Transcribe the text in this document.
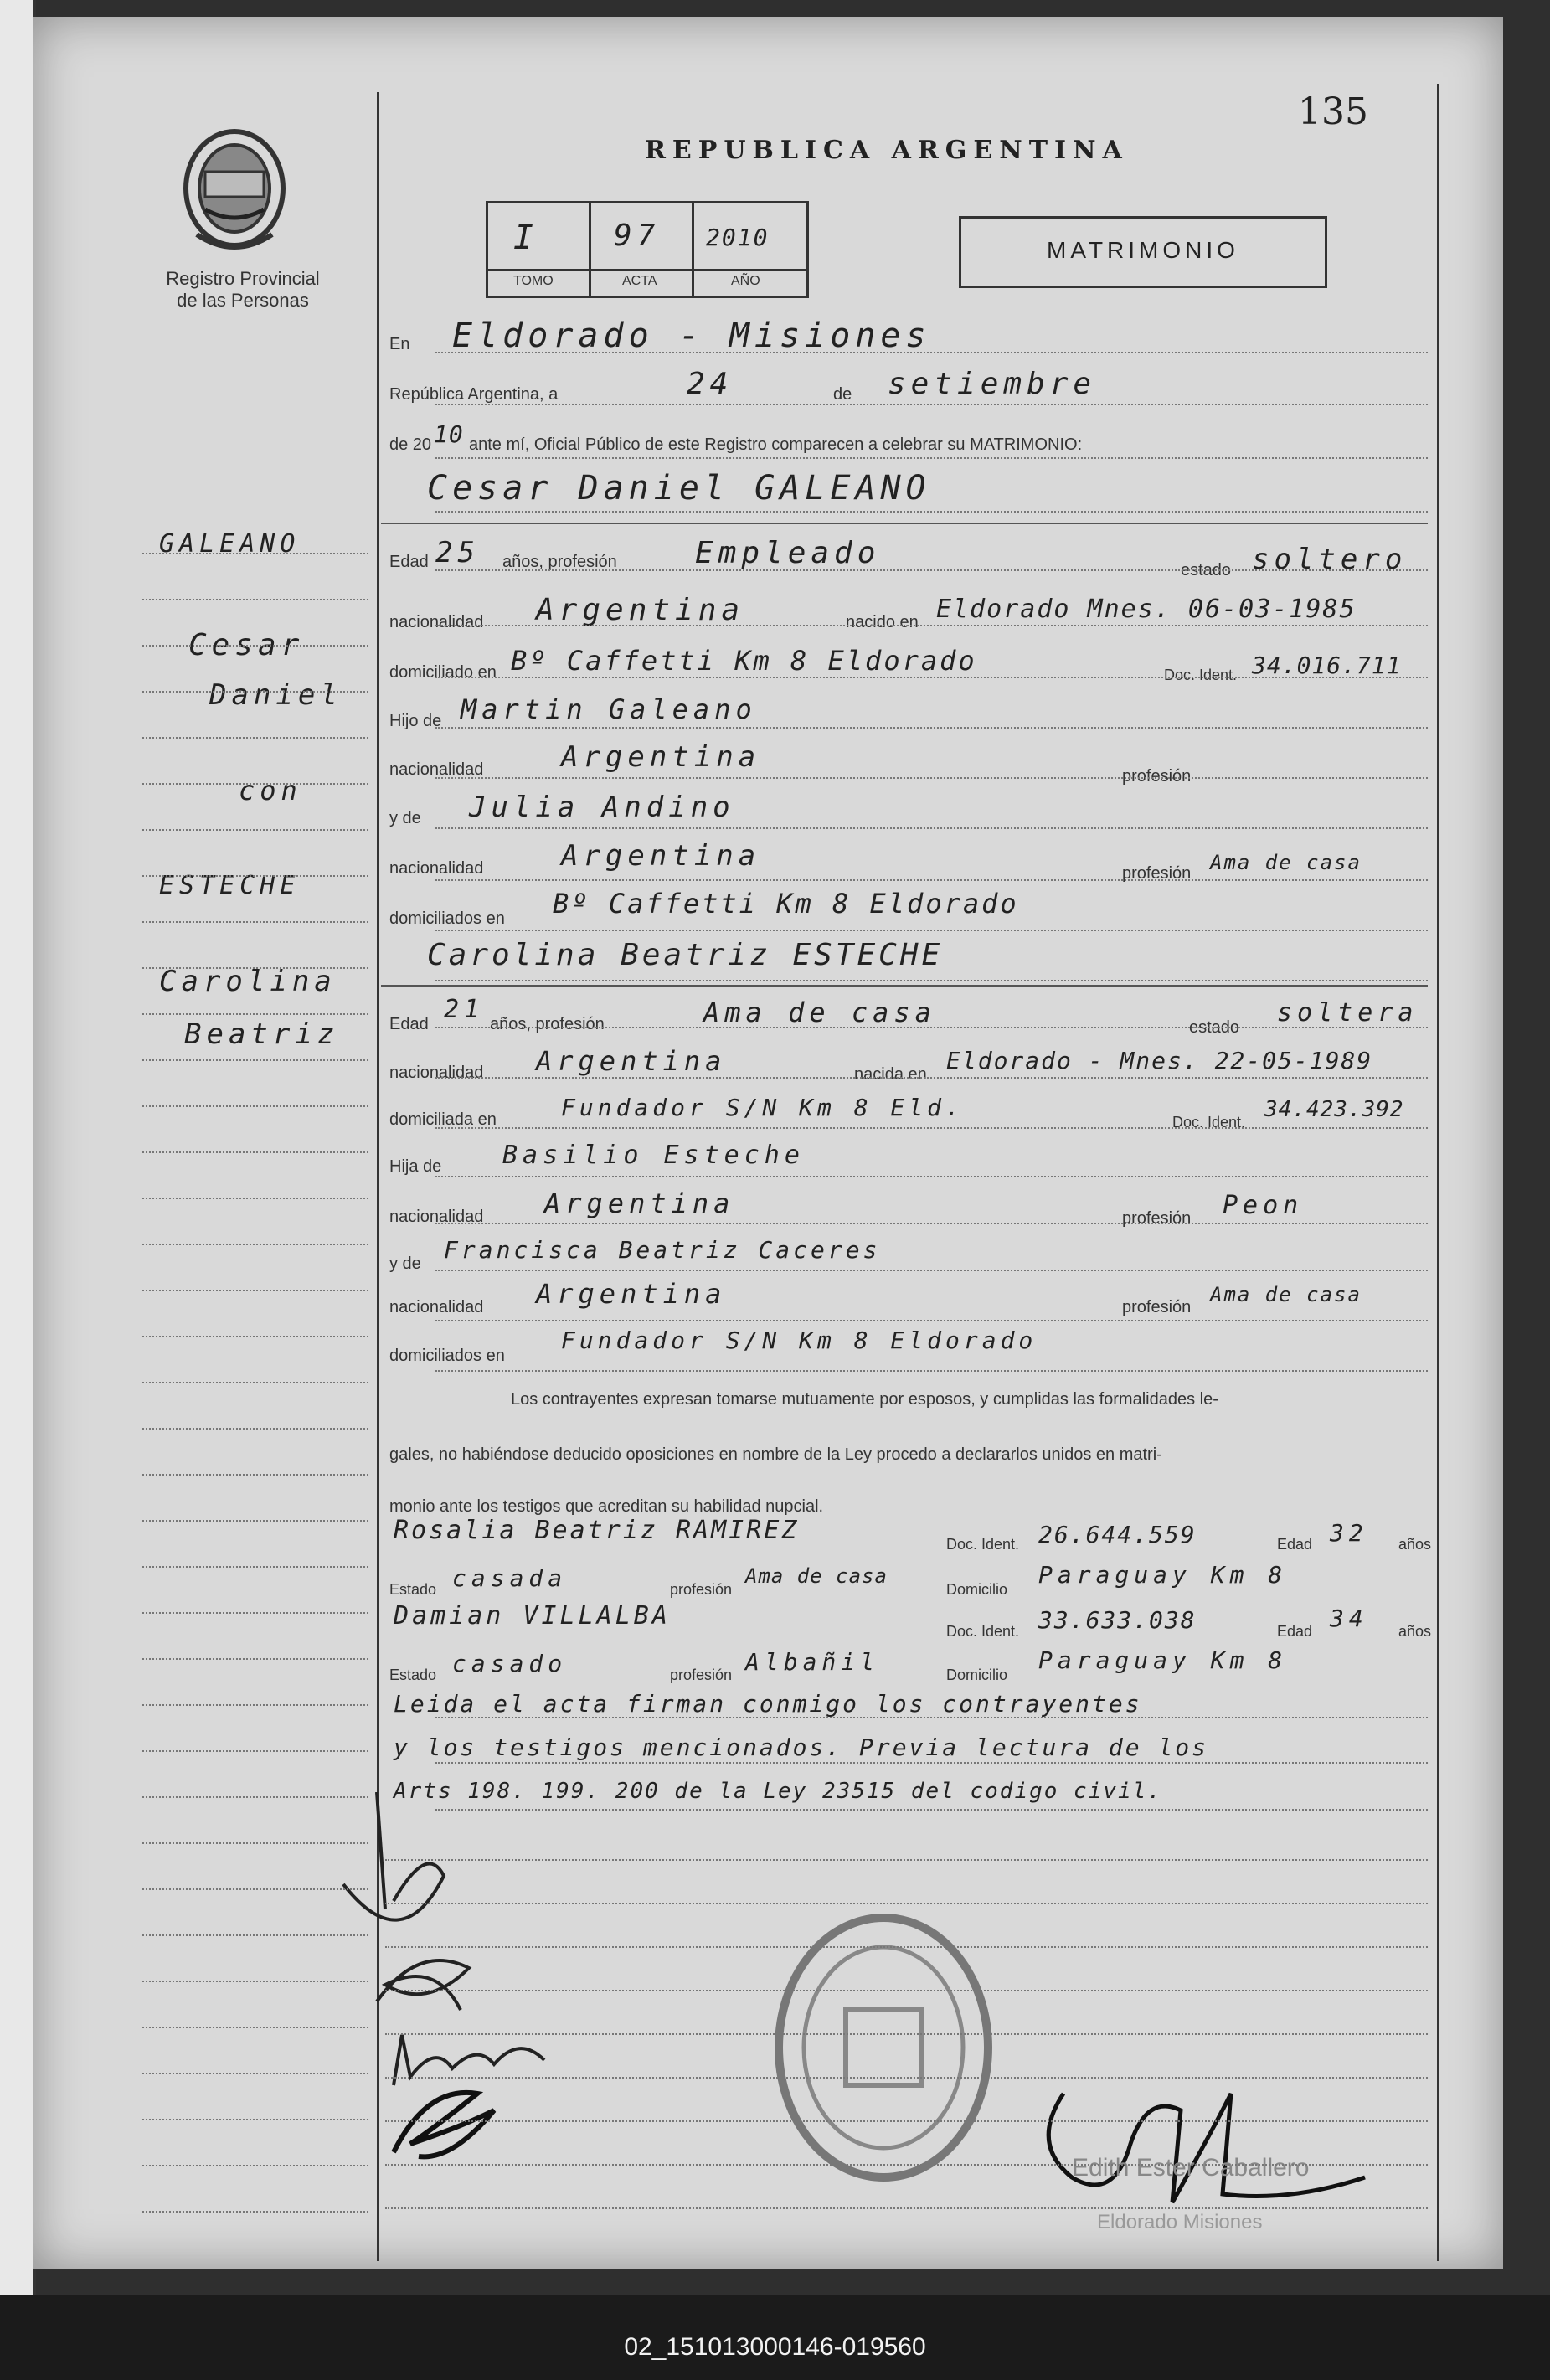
135
REPUBLICA ARGENTINA
Registro Provincial
de las Personas
I 97 2010
TOMO	ACTA	AÑO
MATRIMONIO
GALEANO
Cesar
Daniel
con
ESTECHE
Carolina
Beatriz
En Eldorado - Misiones
República Argentina, a	24	de setiembre
de 20 10 ante mí, Oficial Público de este Registro comparecen a celebrar su MATRIMONIO:
Cesar Daniel GALEANO
Edad 25 años, profesión	Empleado	estado soltero
nacionalidad Argentina	nacido en Eldorado Mnes. 06-03-1985
domiciliado en Bº Caffetti Km 8 Eldorado	Doc. Ident. 34.016.711
Hijo de Martin Galeano
nacionalidad	Argentina
profesión
y de Julia Andino
nacionalidad	Argentina
profesión Ama de casa
domiciliados en Bº Caffetti Km 8 Eldorado
Carolina Beatriz ESTECHE
Edad 21 años, profesión	Ama de casa	estado soltera
nacionalidad Argentina	nacida en Eldorado - Mnes. 22-05-1989
domiciliada en	Fundador S/N Km 8 Eld.
Doc. Ident. 34.423.392
Hija de Basilio Esteche
nacionalidad Argentina	profesión Peon
y de Francisca Beatriz Caceres
nacionalidad Argentina	profesión
Ama de casa
domiciliados en
Fundador S/N Km 8 Eldorado
Los contrayentes expresan tomarse mutuamente por esposos, y cumplidas las formalidades le-
gales, no habiéndose deducido oposiciones en nombre de la Ley procedo a declararlos unidos en matri-
monio ante los testigos que acreditan su habilidad nupcial.
Rosalia Beatriz RAMIREZ	Doc. Ident. 26.644.559	Edad 32 años
Estado casada	profesión
Ama de casa
Domicilio
Paraguay Km 8
Damian VILLALBA
Doc. Ident. 33.633.038	Edad 34 años
Estado casado	profesión Albañil	Domicilio
Paraguay Km 8
Leida el acta firman conmigo los contrayentes
y los testigos mencionados. Previa lectura de los
Arts 198. 199. 200 de la Ley 23515 del codigo civil.
Edith Ester Caballero
Eldorado Misiones
02_151013000146-019560
